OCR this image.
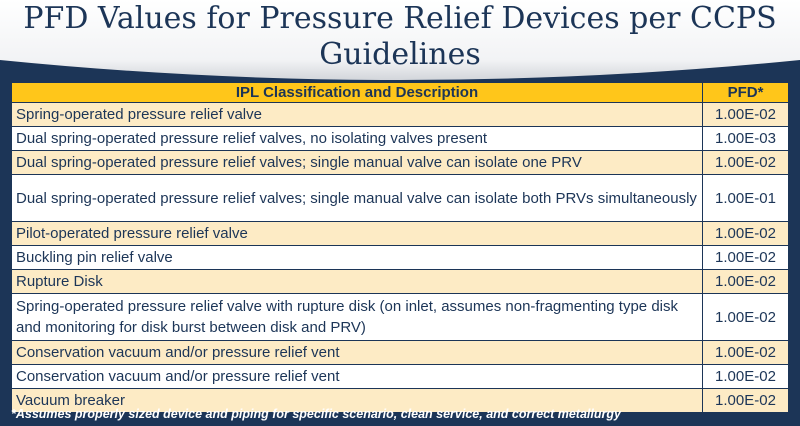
PFD Values for Pressure Relief Devices per CCPS
Guidelines
IPL Classification and Description	PFD*
Spring-operated pressure relief valve	1.00E-02
Dual spring-operated pressure relief valves, no isolating valves present	1.00E-03
Dual spring-operated pressure relief valves; single manual valve can isolate one PRV	1.00E-02
Dual spring-operated pressure relief valves; single manual valve can isolate both PRVs simultaneously	1.00E-01
Pilot-operated pressure relief valve	1.00E-02
Buckling pin relief valve	1.00E-02
Rupture Disk	1.00E-02
Spring-operated pressure relief valve with rupture disk (on inlet, assumes non-fragmenting type disk and monitoring for disk burst between disk and PRV)	1.00E-02
Conservation vacuum and/or pressure relief vent	1.00E-02
Conservation vacuum and/or pressure relief vent	1.00E-02
Vacuum breaker	1.00E-02
*Assumes properly sized device and piping for specific scenario, clean service, and correct metallurgy
